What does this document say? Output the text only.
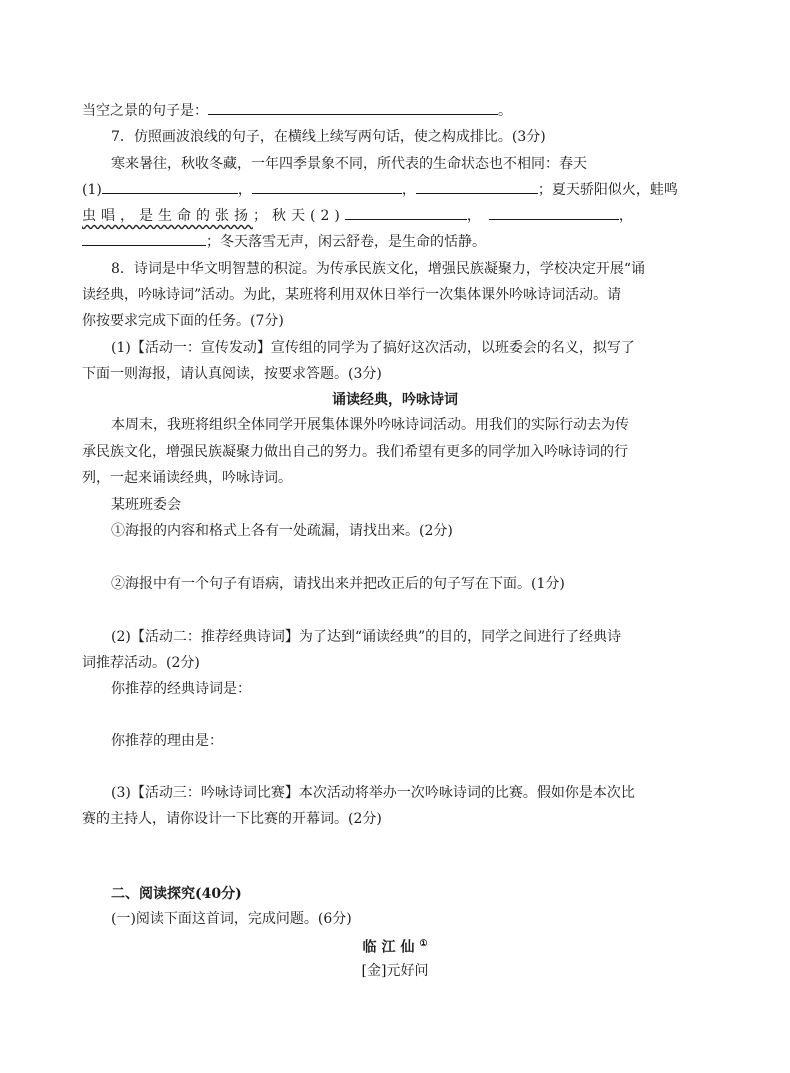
当空之景的句子是：	。
7．仿照画波浪线的句子，在横线上续写两句话，使之构成排比。(3分)
寒来暑往，秋收冬藏，一年四季景象不同，所代表的生命状态也不相同：春天
(1)	，	，	；夏天骄阳似火，蛙鸣
虫唱，是生命的张扬；秋天(2)	，	，
；冬天落雪无声，闲云舒卷，是生命的恬静。
8．诗词是中华文明智慧的积淀。为传承民族文化，增强民族凝聚力，学校决定开展“诵
读经典，吟咏诗词”活动。为此，某班将利用双休日举行一次集体课外吟咏诗词活动。请
你按要求完成下面的任务。(7分)
(1)【活动一：宣传发动】宣传组的同学为了搞好这次活动，以班委会的名义，拟写了
下面一则海报，请认真阅读，按要求答题。(3分)
诵读经典，吟咏诗词
本周末，我班将组织全体同学开展集体课外吟咏诗词活动。用我们的实际行动去为传
承民族文化，增强民族凝聚力做出自己的努力。我们希望有更多的同学加入吟咏诗词的行
列，一起来诵读经典，吟咏诗词。
某班班委会
①海报的内容和格式上各有一处疏漏，请找出来。(2分)
②海报中有一个句子有语病，请找出来并把改正后的句子写在下面。(1分)
(2)【活动二：推荐经典诗词】为了达到“诵读经典”的目的，同学之间进行了经典诗
词推荐活动。(2分)
你推荐的经典诗词是：
你推荐的理由是：
(3)【活动三：吟咏诗词比赛】本次活动将举办一次吟咏诗词的比赛。假如你是本次比
赛的主持人，请你设计一下比赛的开幕词。(2分)
二、阅读探究(40分)
(一)阅读下面这首词，完成问题。(6分)
临江仙①
[金]元好问
